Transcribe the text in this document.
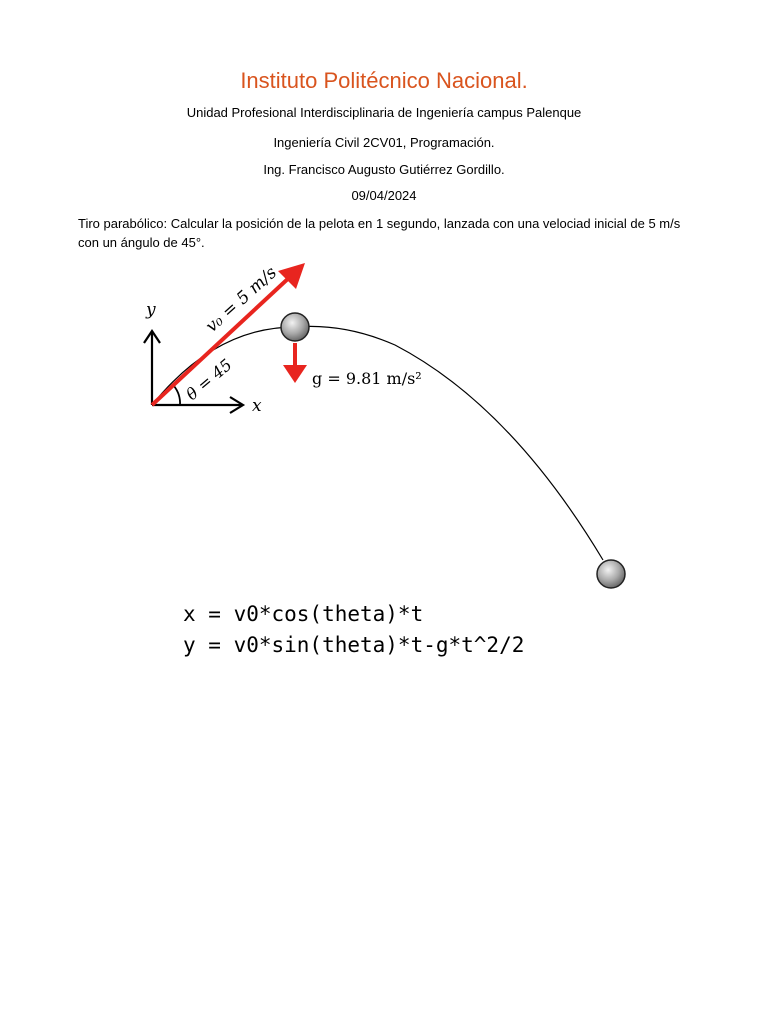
Instituto Politécnico Nacional.
Unidad Profesional Interdisciplinaria de Ingeniería campus Palenque
Ingeniería Civil 2CV01, Programación.
Ing. Francisco Augusto Gutiérrez Gordillo.
09/04/2024
Tiro parabólico: Calcular la posición de la pelota en 1 segundo, lanzada con una velociad inicial de 5 m/s con un ángulo de 45°.
y
x
v₀ = 5 m/s
θ = 45	g = 9.81 m/s²
x = v0*cos(theta)*t
y = v0*sin(theta)*t-g*t^2/2
